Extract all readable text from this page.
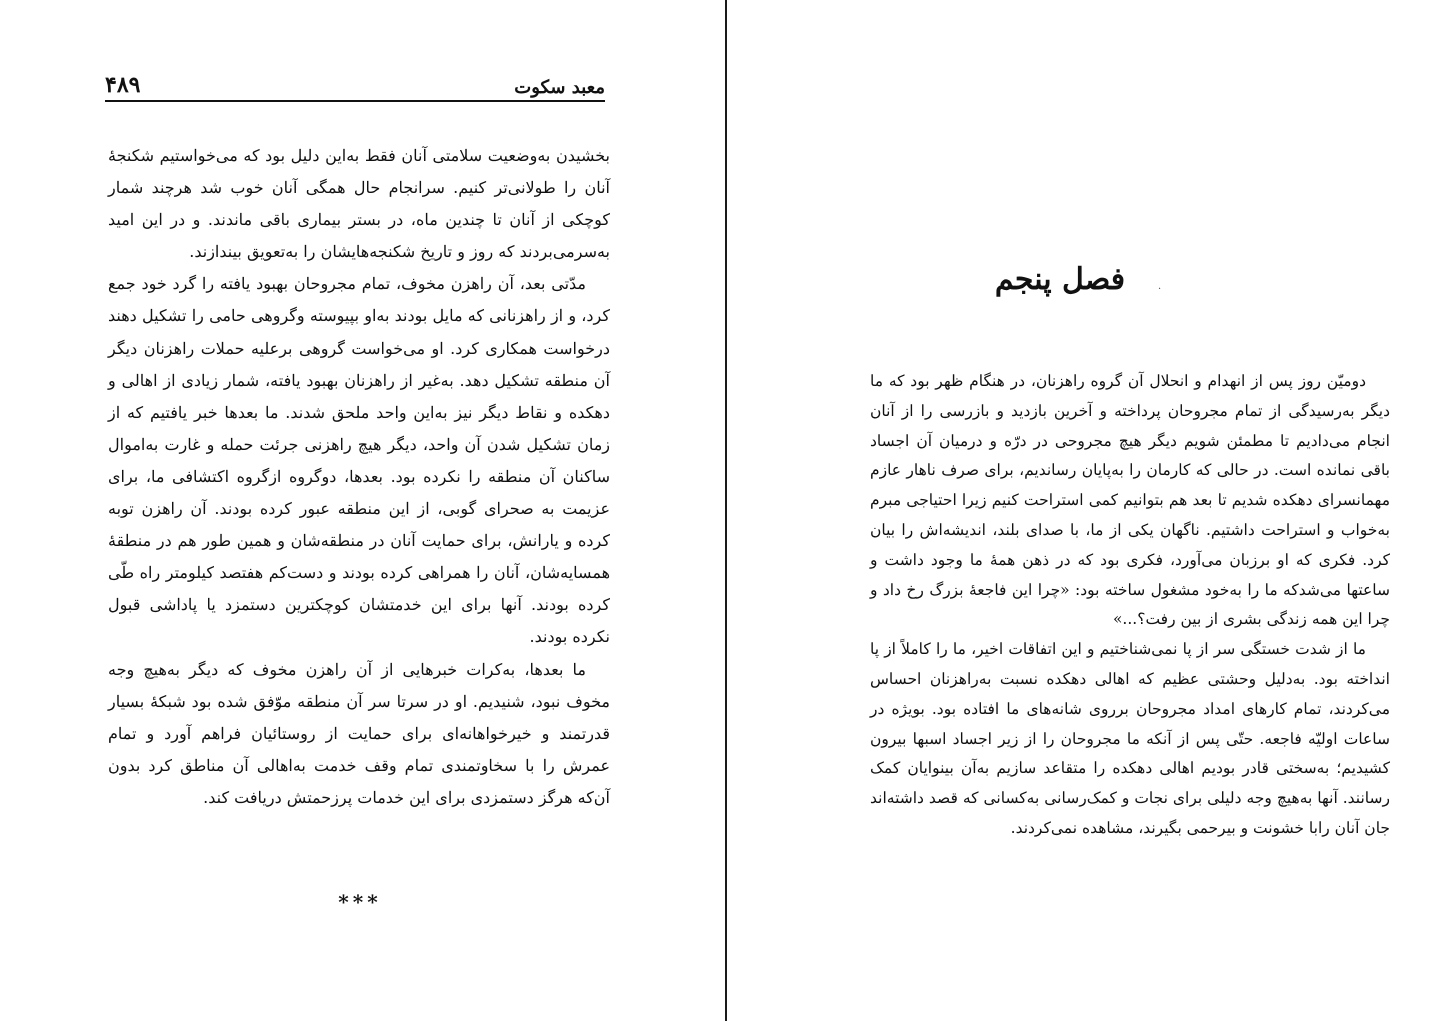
۴۸۹	معبد سکوت

بخشیدن به‌وضعیت سلامتی آنان فقط به‌این دلیل بود که می‌خواستیم شکنجهٔ آنان را طولانی‌تر کنیم. سرانجام حال همگی آنان خوب شد هرچند شمار کوچکی از آنان تا چندین ماه، در بستر بیماری باقی ماندند. و در این امید به‌سر‌می‌بردند که روز و تاریخ شکنجه‌هایشان را به‌تعویق بیندازند.

مدّتی بعد، آن راهزن مخوف، تمام مجروحان بهبود یافته را گرد خود جمع کرد، و از راهزنانی که مایل بودند به‌او بپیوسته وگروهی حامی را تشکیل دهند درخواست همکاری کرد. او می‌خواست گروهی برعلیه حملات راهزنان دیگر آن منطقه تشکیل دهد. به‌غیر از راهزنان بهبود یافته، شمار زیادی از اهالی و دهکده و نقاط دیگر نیز به‌این واحد ملحق شدند. ما بعدها خبر یافتیم که از زمان تشکیل شدن آن واحد، دیگر هیچ راهزنی جرئت حمله و غارت به‌اموال ساکنان آن منطقه را نکرده بود. بعدها، دوگروه ازگروه اکتشافی ما، برای عزیمت به صحرای گوبی، از این منطقه عبور کرده بودند. آن راهزن توبه کرده و یارانش، برای حمایت آنان در منطقه‌شان و همین طور هم در منطقهٔ همسایه‌شان، آنان را همراهی کرده بودند و دست‌کم هفتصد کیلومتر راه طّی کرده بودند. آنها برای این خدمتشان کوچکترین دستمزد یا پاداشی قبول نکرده بودند.

ما بعدها، به‌کرات خبرهایی از آن راهزن مخوف که دیگر به‌هیچ وجه مخوف نبود، شنیدیم. او در سرتا سر آن منطقه موّفق شده بود شبکهٔ بسیار قدرتمند و خیرخواهانه‌ای برای حمایت از روستائیان فراهم آورد و تمام عمرش را با سخاوتمندی تمام وقف خدمت به‌اهالی آن مناطق کرد بدون آن‌که هرگز دستمزدی برای این خدمات پرزحمتش دریافت کند.

***
فصل پنجم	·

دومیّن روز پس از انهدام و انحلال آن گروه راهزنان، در هنگام ظهر بود که ما دیگر به‌رسیدگی از تمام مجروحان پرداخته و آخرین بازدید و بازرسی را از آنان انجام می‌دادیم تا مطمئن شویم دیگر هیچ مجروحی در درّه و درمیان آن اجساد باقی نمانده است. در حالی که کارمان را به‌پایان رساندیم، برای صرف ناهار عازم مهمانسرای دهکده شدیم تا بعد هم بتوانیم کمی استراحت کنیم زیرا احتیاجی مبرم به‌خواب و استراحت داشتیم. ناگهان یکی از ما، با صدای بلند، اندیشه‌اش را بیان کرد. فکری که او برزبان می‌آورد، فکری بود که در ذهن همهٔ ما وجود داشت و ساعتها می‌شدکه ما را به‌خود مشغول ساخته بود: «چرا این فاجعهٔ بزرگ رخ داد و چرا این همه زندگی بشری از بین رفت؟...»

ما از شدت خستگی سر از پا نمی‌شناختیم و این اتفاقات اخیر، ما را کاملاً از پا انداخته بود. به‌دلیل وحشتی عظیم که اهالی دهکده نسبت به‌راهزنان احساس می‌کردند، تمام کارهای امداد مجروحان برروی شانه‌های ما افتاده بود. بویژه در ساعات اولیّه فاجعه. حتّی پس از آنکه ما مجروحان را از زیر اجساد اسبها بیرون کشیدیم؛ به‌سختی قادر بودیم اهالی دهکده را متقاعد سازیم به‌آن بینوایان کمک رسانند. آنها به‌هیچ وجه دلیلی برای نجات و کمک‌رسانی به‌کسانی که قصد داشته‌اند جان آنان رابا خشونت و بیرحمی بگیرند، مشاهده نمی‌کردند.
